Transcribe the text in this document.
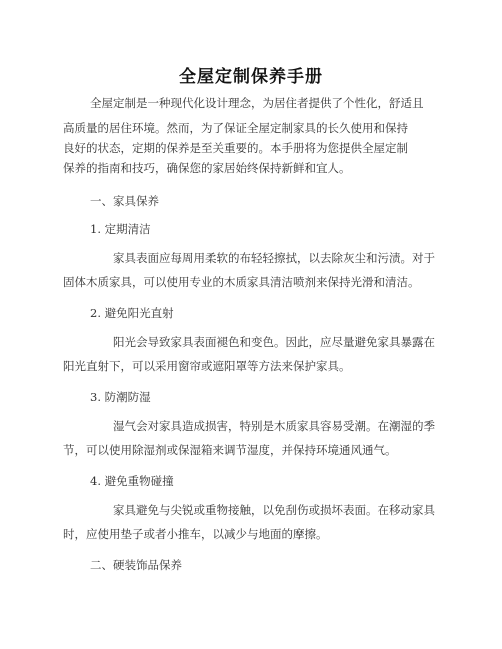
全屋定制保养手册
全屋定制是一种现代化设计理念，为居住者提供了个性化，舒适且
高质量的居住环境。然而，为了保证全屋定制家具的长久使用和保持
良好的状态，定期的保养是至关重要的。本手册将为您提供全屋定制
保养的指南和技巧，确保您的家居始终保持新鲜和宜人。
一、家具保养
1. 定期清洁
家具表面应每周用柔软的布轻轻擦拭，以去除灰尘和污渍。对于
固体木质家具，可以使用专业的木质家具清洁喷剂来保持光滑和清洁。
2. 避免阳光直射
阳光会导致家具表面褪色和变色。因此，应尽量避免家具暴露在
阳光直射下，可以采用窗帘或遮阳罩等方法来保护家具。
3. 防潮防湿
湿气会对家具造成损害，特别是木质家具容易受潮。在潮湿的季
节，可以使用除湿剂或保湿箱来调节湿度，并保持环境通风通气。
4. 避免重物碰撞
家具避免与尖锐或重物接触，以免刮伤或损坏表面。在移动家具
时，应使用垫子或者小推车，以减少与地面的摩擦。
二、硬装饰品保养
